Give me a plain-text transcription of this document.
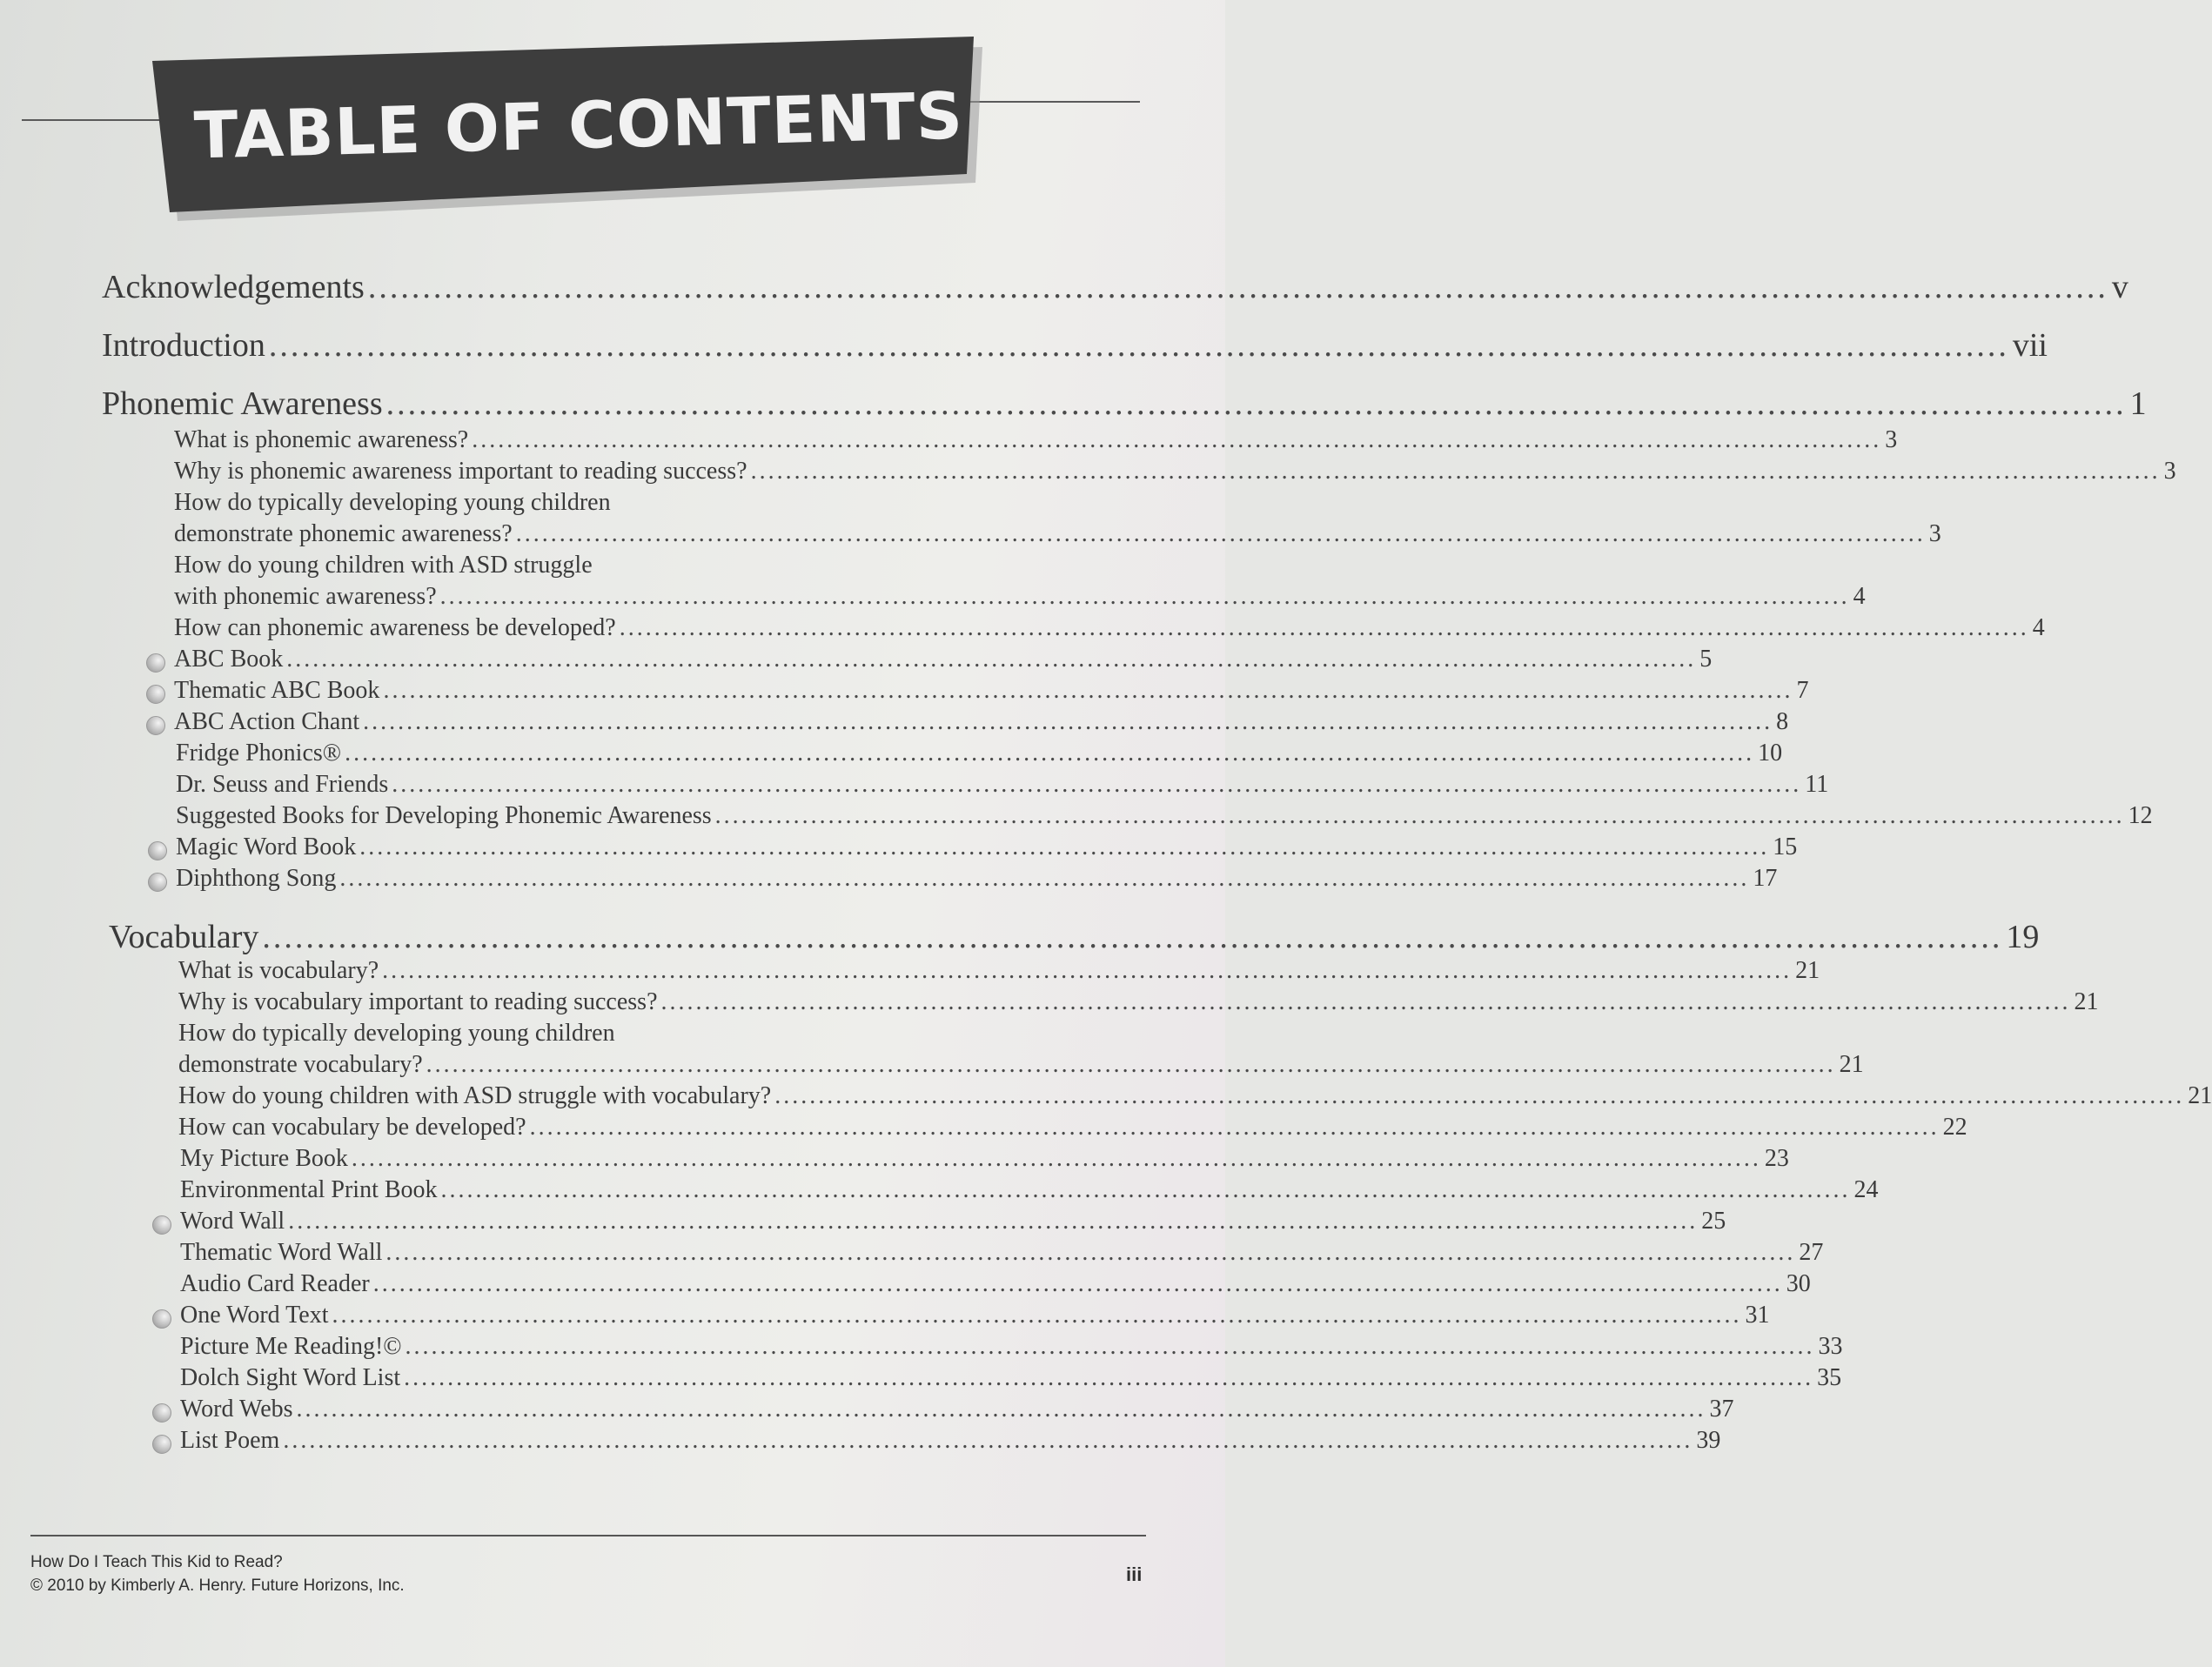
TABLE OF CONTENTS
Acknowledgements ................................................................................................................................................................ v
Introduction ................................................................................................................................................................ vii
Phonemic Awareness ................................................................................................................................................................ 1
What is phonemic awareness? .................................................................................................................................................................. 3
Why is phonemic awareness important to reading success? .................................................................................................................................................................. 3
How do typically developing young children
demonstrate phonemic awareness? .................................................................................................................................................................. 3
How do young children with ASD struggle
with phonemic awareness? .................................................................................................................................................................. 4
How can phonemic awareness be developed? .................................................................................................................................................................. 4
ABC Book .................................................................................................................................................................. 5
Thematic ABC Book .................................................................................................................................................................. 7
ABC Action Chant .................................................................................................................................................................. 8
Fridge Phonics® .................................................................................................................................................................. 10
Dr. Seuss and Friends .................................................................................................................................................................. 11
Suggested Books for Developing Phonemic Awareness .................................................................................................................................................................. 12
Magic Word Book .................................................................................................................................................................. 15
Diphthong Song .................................................................................................................................................................. 17
Vocabulary ................................................................................................................................................................ 19
What is vocabulary? .................................................................................................................................................................. 21
Why is vocabulary important to reading success? .................................................................................................................................................................. 21
How do typically developing young children
demonstrate vocabulary? .................................................................................................................................................................. 21
How do young children with ASD struggle with vocabulary? .................................................................................................................................................................. 21
How can vocabulary be developed? .................................................................................................................................................................. 22
My Picture Book .................................................................................................................................................................. 23
Environmental Print Book .................................................................................................................................................................. 24
Word Wall .................................................................................................................................................................. 25
Thematic Word Wall .................................................................................................................................................................. 27
Audio Card Reader .................................................................................................................................................................. 30
One Word Text .................................................................................................................................................................. 31
Picture Me Reading!© .................................................................................................................................................................. 33
Dolch Sight Word List .................................................................................................................................................................. 35
Word Webs .................................................................................................................................................................. 37
List Poem .................................................................................................................................................................. 39
How Do I Teach This Kid to Read?
© 2010 by Kimberly A. Henry. Future Horizons, Inc.
iii
